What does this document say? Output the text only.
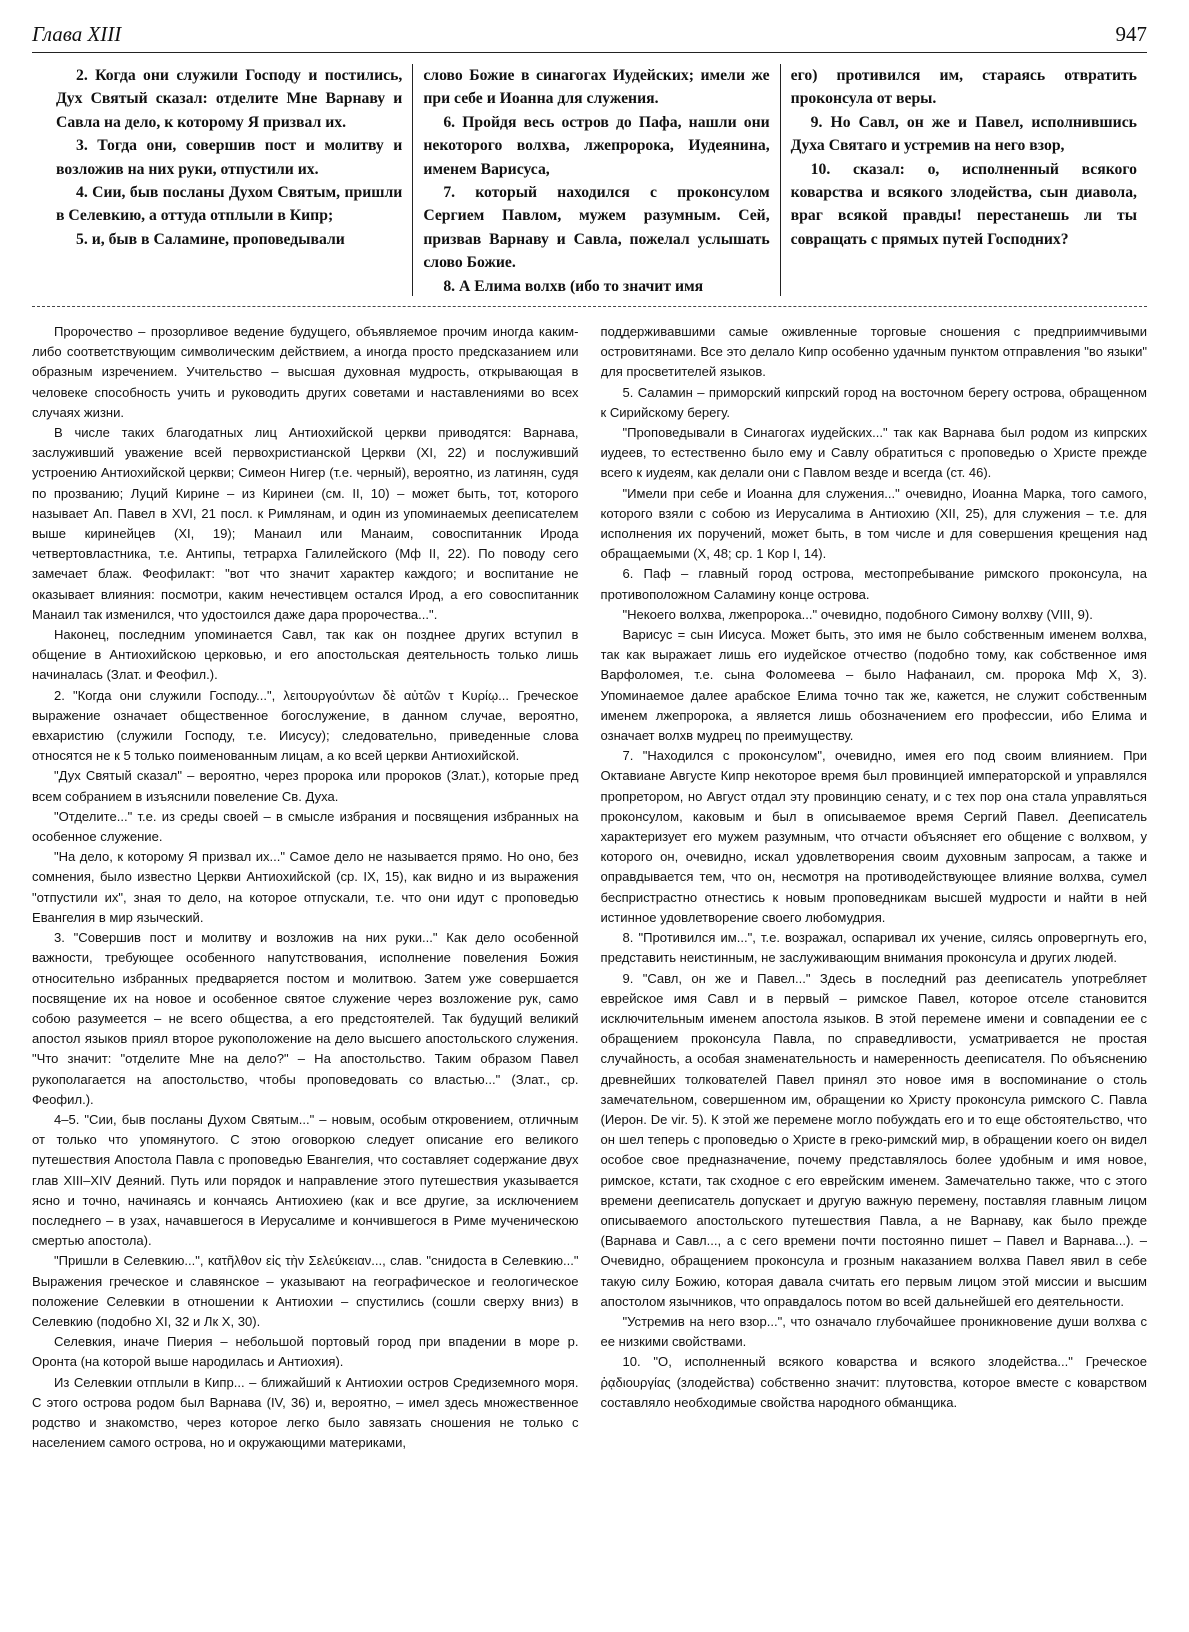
Глава XIII	947

2. Когда они служили Господу и постились, Дух Святый сказал: отделите Мне Варнаву и Савла на дело, к которому Я призвал их.

3. Тогда они, совершив пост и молитву и возложив на них руки, отпустили их.

4. Сии, быв посланы Духом Святым, пришли в Селевкию, а оттуда отплыли в Кипр;

5. и, быв в Саламине, проповедывали

слово Божие в синагогах Иудейских; имели же при себе и Иоанна для служения.

6. Пройдя весь остров до Пафа, нашли они некоторого волхва, лжепророка, Иудеянина, именем Варисуса,

7. который находился с проконсулом Сергием Павлом, мужем разумным. Сей, призвав Варнаву и Савла, пожелал услышать слово Божие.

8. А Елима волхв (ибо то значит имя

его) противился им, стараясь отвратить проконсула от веры.

9. Но Савл, он же и Павел, исполнившись Духа Святаго и устремив на него взор,

10. сказал: о, исполненный всякого коварства и всякого злодейства, сын диавола, враг всякой правды! перестанешь ли ты совращать с прямых путей Господних?

Пророчество – прозорливое ведение будущего, объявляемое прочим иногда каким-либо соответствующим символическим действием, а иногда просто предсказанием или образным изречением. Учительство – высшая духовная мудрость, открывающая в человеке способность учить и руководить других советами и наставлениями во всех случаях жизни.

В числе таких благодатных лиц Антиохийской церкви приводятся: Варнава, заслуживший уважение всей первохристианской Церкви (XI, 22) и послуживший устроению Антиохийской церкви; Симеон Нигер (т.е. черный), вероятно, из латинян, судя по прозванию; Луций Кирине – из Киринеи (см. II, 10) – может быть, тот, которого называет Ап. Павел в XVI, 21 посл. к Римлянам, и один из упоминаемых дееписателем выше киринейцев (XI, 19); Манаил или Манаим, совоспитанник Ирода четвертовластника, т.е. Антипы, тетрарха Галилейского (Мф II, 22). По поводу сего замечает блаж. Феофилакт: "вот что значит характер каждого; и воспитание не оказывает влияния: посмотри, каким нечестивцем остался Ирод, а его совоспитанник Манаил так изменился, что удостоился даже дара пророчества...".

Наконец, последним упоминается Савл, так как он позднее других вступил в общение в Антиохийскою церковью, и его апостольская деятельность только лишь начиналась (Злат. и Феофил.).

2. "Когда они служили Господу...", λειτουργούντων δὲ αὐτῶν τ Κυρίῳ... Греческое выражение означает общественное богослужение, в данном случае, вероятно, евхаристию (служили Господу, т.е. Иисусу); следовательно, приведенные слова относятся не к 5 только поименованным лицам, а ко всей церкви Антиохийской.

"Дух Святый сказал" – вероятно, через пророка или пророков (Злат.), которые пред всем собранием в изъяснили повеление Св. Духа.

"Отделите..." т.е. из среды своей – в смысле избрания и посвящения избранных на особенное служение.

"На дело, к которому Я призвал их..." Самое дело не называется прямо. Но оно, без сомнения, было известно Церкви Антиохийской (ср. IX, 15), как видно и из выражения "отпустили их", зная то дело, на которое отпускали, т.е. что они идут с проповедью Евангелия в мир языческий.

3. "Совершив пост и молитву и возложив на них руки..." Как дело особенной важности, требующее особенного напутствования, исполнение повеления Божия относительно избранных предваряется постом и молитвою. Затем уже совершается посвящение их на новое и особенное святое служение через возложение рук, само собою разумеется – не всего общества, а его предстоятелей. Так будущий великий апостол языков приял второе рукоположение на дело высшего апостольского служения. "Что значит: "отделите Мне на дело?" – На апостольство. Таким образом Павел рукополагается на апостольство, чтобы проповедовать со властью..." (Злат., ср. Феофил.).

4–5. "Сии, быв посланы Духом Святым..." – новым, особым откровением, отличным от только что упомянутого. С этою оговоркою следует описание его великого путешествия Апостола Павла с проповедью Евангелия, что составляет содержание двух глав XIII–XIV Деяний. Путь или порядок и направление этого путешествия указывается ясно и точно, начинаясь и кончаясь Антиохиею (как и все другие, за исключением последнего – в узах, начавшегося в Иерусалиме и кончившегося в Риме мученическою смертью апостола).

"Пришли в Селевкию...", κατῆλθον εἰς τὴν Σελεύκειαν..., слав. "снидоста в Селевкию..." Выражения греческое и славянское – указывают на географическое и геологическое положение Селевкии в отношении к Антиохии – спустились (сошли сверху вниз) в Селевкию (подобно XI, 32 и Лк X, 30).

Селевкия, иначе Пиерия – небольшой портовый город при впадении в море р. Оронта (на которой выше народилась и Антиохия).

Из Селевкии отплыли в Кипр... – ближайший к Антиохии остров Средиземного моря. С этого острова родом был Варнава (IV, 36) и, вероятно, – имел здесь множественное родство и знакомство, через которое легко было завязать сношения не только с населением самого острова, но и окружающими материками,

поддерживавшими самые оживленные торговые сношения с предприимчивыми островитянами. Все это делало Кипр особенно удачным пунктом отправления "во языки" для просветителей языков.

5. Саламин – приморский кипрский город на восточном берегу острова, обращенном к Сирийскому берегу.

"Проповедывали в Синагогах иудейских..." так как Варнава был родом из кипрских иудеев, то естественно было ему и Савлу обратиться с проповедью о Христе прежде всего к иудеям, как делали они с Павлом везде и всегда (ст. 46).

"Имели при себе и Иоанна для служения..." очевидно, Иоанна Марка, того самого, которого взяли с собою из Иерусалима в Антиохию (XII, 25), для служения – т.е. для исполнения их поручений, может быть, в том числе и для совершения крещения над обращаемыми (X, 48; ср. 1 Кор I, 14).

6. Паф – главный город острова, местопребывание римского проконсула, на противоположном Саламину конце острова.

"Некоего волхва, лжепророка..." очевидно, подобного Симону волхву (VIII, 9).

Варисус = сын Иисуса. Может быть, это имя не было собственным именем волхва, так как выражает лишь его иудейское отчество (подобно тому, как собственное имя Варфоломея, т.е. сына Фоломеева – было Нафанаил, см. пророка Мф X, 3). Упоминаемое далее арабское Елима точно так же, кажется, не служит собственным именем лжепророка, а является лишь обозначением его профессии, ибо Елима и означает волхв мудрец по преимуществу.

7. "Находился с проконсулом", очевидно, имея его под своим влиянием. При Октавиане Августе Кипр некоторое время был провинцией императорской и управлялся пропретором, но Август отдал эту провинцию сенату, и с тех пор она стала управляться проконсулом, каковым и был в описываемое время Сергий Павел. Дееписатель характеризует его мужем разумным, что отчасти объясняет его общение с волхвом, у которого он, очевидно, искал удовлетворения своим духовным запросам, а также и оправдывается тем, что он, несмотря на противодействующее влияние волхва, сумел беспристрастно отнестись к новым проповедникам высшей мудрости и найти в ней истинное удовлетворение своего любомудрия.

8. "Противился им...", т.е. возражал, оспаривал их учение, силясь опровергнуть его, представить неистинным, не заслуживающим внимания проконсула и других людей.

9. "Савл, он же и Павел..." Здесь в последний раз дееписатель употребляет еврейское имя Савл и в первый – римское Павел, которое отселе становится исключительным именем апостола языков. В этой перемене имени и совпадении ее с обращением проконсула Павла, по справедливости, усматривается не простая случайность, а особая знаменательность и намеренность дееписателя. По объяснению древнейших толкователей Павел принял это новое имя в воспоминание о столь замечательном, совершенном им, обращении ко Христу проконсула римского С. Павла (Иерон. De vir. 5). К этой же перемене могло побуждать его и то еще обстоятельство, что он шел теперь с проповедью о Христе в греко-римский мир, в обращении коего он видел особое свое предназначение, почему представлялось более удобным и имя новое, римское, кстати, так сходное с его еврейским именем. Замечательно также, что с этого времени дееписатель допускает и другую важную перемену, поставляя главным лицом описываемого апостольского путешествия Павла, а не Варнаву, как было прежде (Варнава и Савл..., а с сего времени почти постоянно пишет – Павел и Варнава...). – Очевидно, обращением проконсула и грозным наказанием волхва Павел явил в себе такую силу Божию, которая давала считать его первым лицом этой миссии и высшим апостолом язычников, что оправдалось потом во всей дальнейшей его деятельности.

"Устремив на него взор...", что означало глубочайшее проникновение души волхва с ее низкими свойствами.

10. "О, исполненный всякого коварства и всякого злодейства..." Греческое ῥᾳδιουργίας (злодейства) собственно значит: плутовства, которое вместе с коварством составляло необходимые свойства народного обманщика.
